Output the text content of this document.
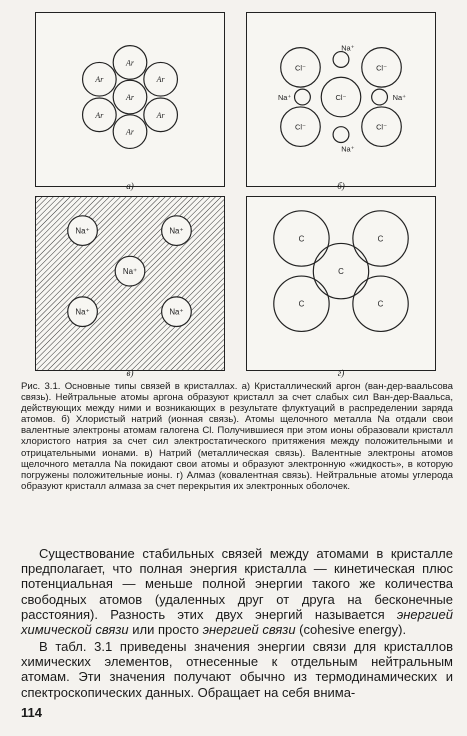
Ar
Ar	Ar
Ar
Ar	Ar
Ar
а)
Cl⁻	Cl⁻
Cl⁻
Cl⁻	Cl⁻
Na⁺
Na⁺	Na⁺
Na⁺
б)
Na⁺	Na⁺
Na⁺
Na⁺	Na⁺
в)
C	C
C
C	C
г)
Рис. 3.1. Основные типы связей в кристаллах. а) Кристаллический аргон (ван-дер-ваальсова связь). Нейтральные атомы аргона образуют кристалл за счет слабых сил Ван-дер-Ваальса, действующих между ними и возникающих в результате флуктуаций в распределении заряда атомов. б) Хлористый натрий (ионная связь). Атомы щелочного металла Na отдали свои валентные электроны атомам галогена Cl. Получившиеся при этом ионы образовали кристалл хлористого натрия за счет сил электростатического притяжения между положительными и отрицательными ионами. в) Натрий (металлическая связь). Валентные электроны атомов щелочного металла Na покидают свои атомы и образуют электронную «жидкость», в которую погружены положительные ионы. г) Алмаз (ковалентная связь). Нейтральные атомы углерода образуют кристалл алмаза за счет перекрытия их электронных оболочек.
Существование стабильных связей между атомами в кристалле предполагает, что полная энергия кристалла — кинетическая плюс потенциальная — меньше полной энергии такого же количества свободных атомов (удаленных друг от друга на бесконечные расстояния). Разность этих двух энергий называется энергией химической связи или просто энергией связи (cohesive energy).
В табл. 3.1 приведены значения энергии связи для кристаллов химических элементов, отнесенные к отдельным нейтральным атомам. Эти значения получают обычно из термодинамических и спектроскопических данных. Обращает на себя внима-
114
